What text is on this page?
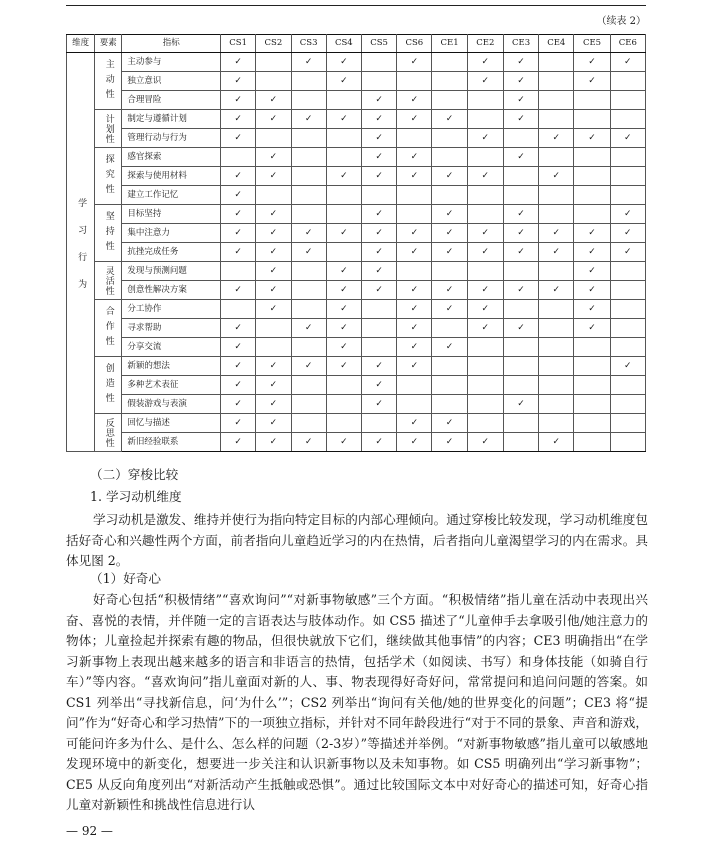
（续表 2）
维度	要素	指标	CS1	CS2	CS3	CS4	CS5	CS6	CE1	CE2	CE3	CE4	CE5	CE6
学习行为	主动性	主动参与	✓		✓	✓		✓		✓	✓		✓	✓
		独立意识	✓			✓				✓	✓		✓	
		合理冒险	✓	✓			✓	✓			✓			
	计划性	制定与遵循计划	✓	✓	✓	✓	✓	✓	✓		✓			
		管理行动与行为	✓				✓			✓		✓	✓	✓
	探究性	感官探索		✓			✓	✓			✓			
		探索与使用材料	✓	✓		✓	✓	✓	✓	✓		✓		
		建立工作记忆	✓											
	坚持性	目标坚持	✓	✓			✓		✓		✓			✓
		集中注意力	✓	✓	✓	✓	✓	✓	✓	✓	✓	✓	✓	✓
		抗挫完成任务	✓	✓	✓		✓	✓	✓	✓	✓	✓	✓	✓
	灵活性	发现与预测问题		✓		✓	✓						✓	
		创意性解决方案	✓	✓		✓	✓	✓	✓	✓	✓	✓	✓	
	合作性	分工协作		✓		✓		✓	✓	✓			✓	
		寻求帮助	✓		✓	✓		✓		✓	✓		✓	
		分享交流	✓			✓		✓	✓					
	创造性	新颖的想法	✓	✓	✓	✓	✓	✓						✓
		多种艺术表征	✓	✓			✓							
		假装游戏与表演	✓	✓			✓				✓			
	反思性	回忆与描述	✓	✓				✓	✓					
		新旧经验联系	✓	✓	✓	✓	✓	✓	✓	✓		✓		
（二）穿梭比较
1. 学习动机维度

学习动机是激发、维持并使行为指向特定目标的内部心理倾向。通过穿梭比较发现，学习动机维度包括好奇心和兴趣性两个方面，前者指向儿童趋近学习的内在热情，后者指向儿童渴望学习的内在需求。具体见图 2。

（1）好奇心

好奇心包括“积极情绪”“喜欢询问”“对新事物敏感”三个方面。“积极情绪”指儿童在活动中表现出兴奋、喜悦的表情，并伴随一定的言语表达与肢体动作。如 CS5 描述了“儿童伸手去拿吸引他/她注意力的物体；儿童捡起并探索有趣的物品，但很快就放下它们，继续做其他事情”的内容；CE3 明确指出“在学习新事物上表现出越来越多的语言和非语言的热情，包括学术（如阅读、书写）和身体技能（如骑自行车）”等内容。“喜欢询问”指儿童面对新的人、事、物表现得好奇好问，常常提问和追问问题的答案。如 CS1 列举出“寻找新信息，问‘为什么’”；CS2 列举出“询问有关他/她的世界变化的问题”；CE3 将“提问”作为“好奇心和学习热情”下的一项独立指标，并针对不同年龄段进行“对于不同的景象、声音和游戏，可能问许多为什么、是什么、怎么样的问题（2-3岁）”等描述并举例。“对新事物敏感”指儿童可以敏感地发现环境中的新变化，想要进一步关注和认识新事物以及未知事物。如 CS5 明确列出“学习新事物”；CE5 从反向角度列出“对新活动产生抵触或恐惧”。通过比较国际文本中对好奇心的描述可知，好奇心指儿童对新颖性和挑战性信息进行认

— 92 —
